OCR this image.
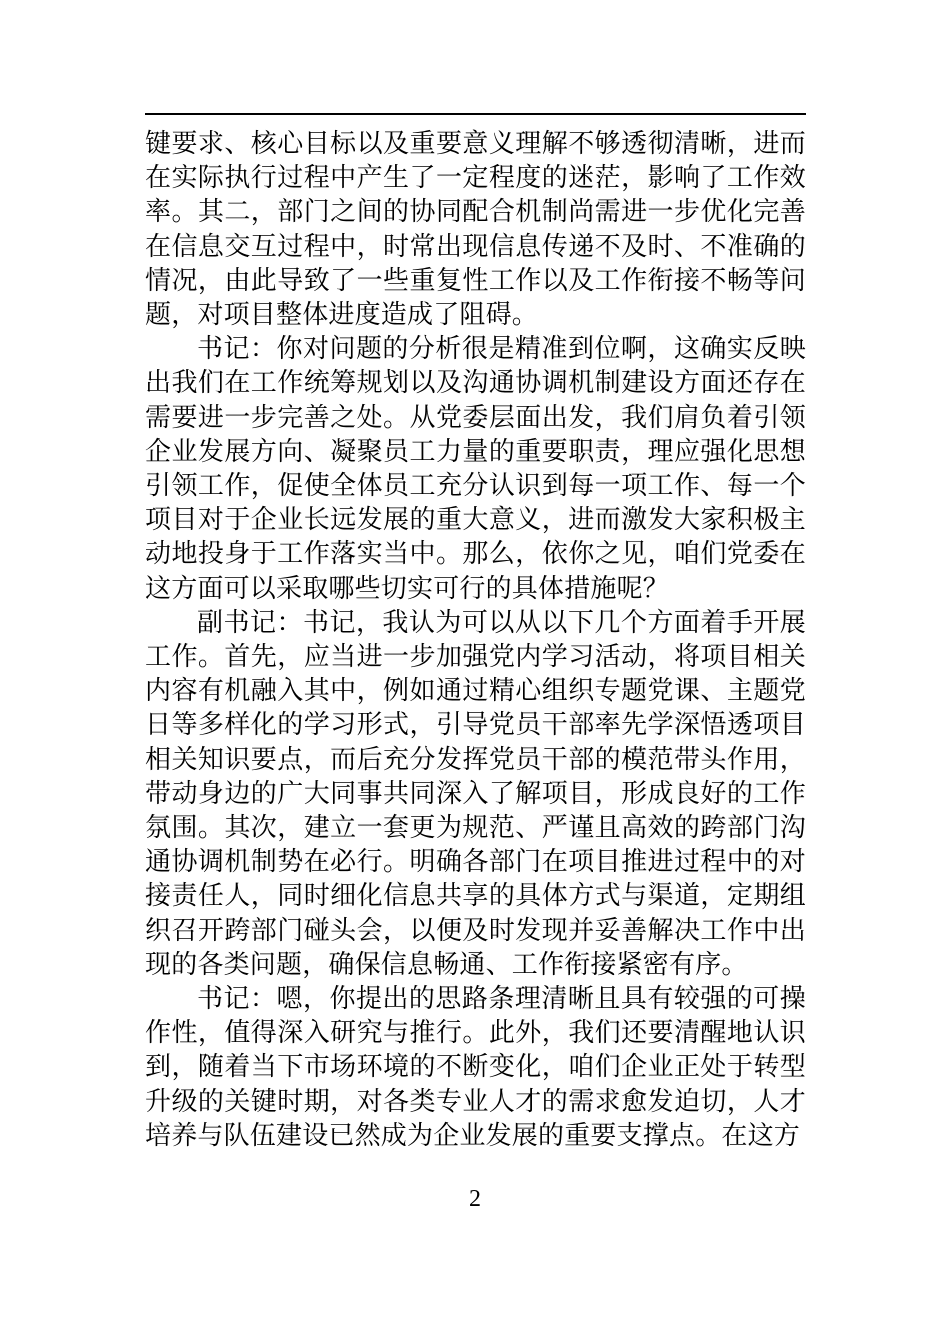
键要求、核心目标以及重要意义理解不够透彻清晰，进而在实际执行过程中产生了一定程度的迷茫，影响了工作效率。其二，部门之间的协同配合机制尚需进一步优化完善在信息交互过程中，时常出现信息传递不及时、不准确的情况，由此导致了一些重复性工作以及工作衔接不畅等问题，对项目整体进度造成了阻碍。

书记：你对问题的分析很是精准到位啊，这确实反映出我们在工作统筹规划以及沟通协调机制建设方面还存在需要进一步完善之处。从党委层面出发，我们肩负着引领企业发展方向、凝聚员工力量的重要职责，理应强化思想引领工作，促使全体员工充分认识到每一项工作、每一个项目对于企业长远发展的重大意义，进而激发大家积极主动地投身于工作落实当中。那么，依你之见，咱们党委在这方面可以采取哪些切实可行的具体措施呢？

副书记：书记，我认为可以从以下几个方面着手开展工作。首先，应当进一步加强党内学习活动，将项目相关内容有机融入其中，例如通过精心组织专题党课、主题党日等多样化的学习形式，引导党员干部率先学深悟透项目相关知识要点，而后充分发挥党员干部的模范带头作用，带动身边的广大同事共同深入了解项目，形成良好的工作氛围。其次，建立一套更为规范、严谨且高效的跨部门沟通协调机制势在必行。明确各部门在项目推进过程中的对接责任人，同时细化信息共享的具体方式与渠道，定期组织召开跨部门碰头会，以便及时发现并妥善解决工作中出现的各类问题，确保信息畅通、工作衔接紧密有序。

书记：嗯，你提出的思路条理清晰且具有较强的可操作性，值得深入研究与推行。此外，我们还要清醒地认识到，随着当下市场环境的不断变化，咱们企业正处于转型升级的关键时期，对各类专业人才的需求愈发迫切，人才培养与队伍建设已然成为企业发展的重要支撑点。在这方

2
